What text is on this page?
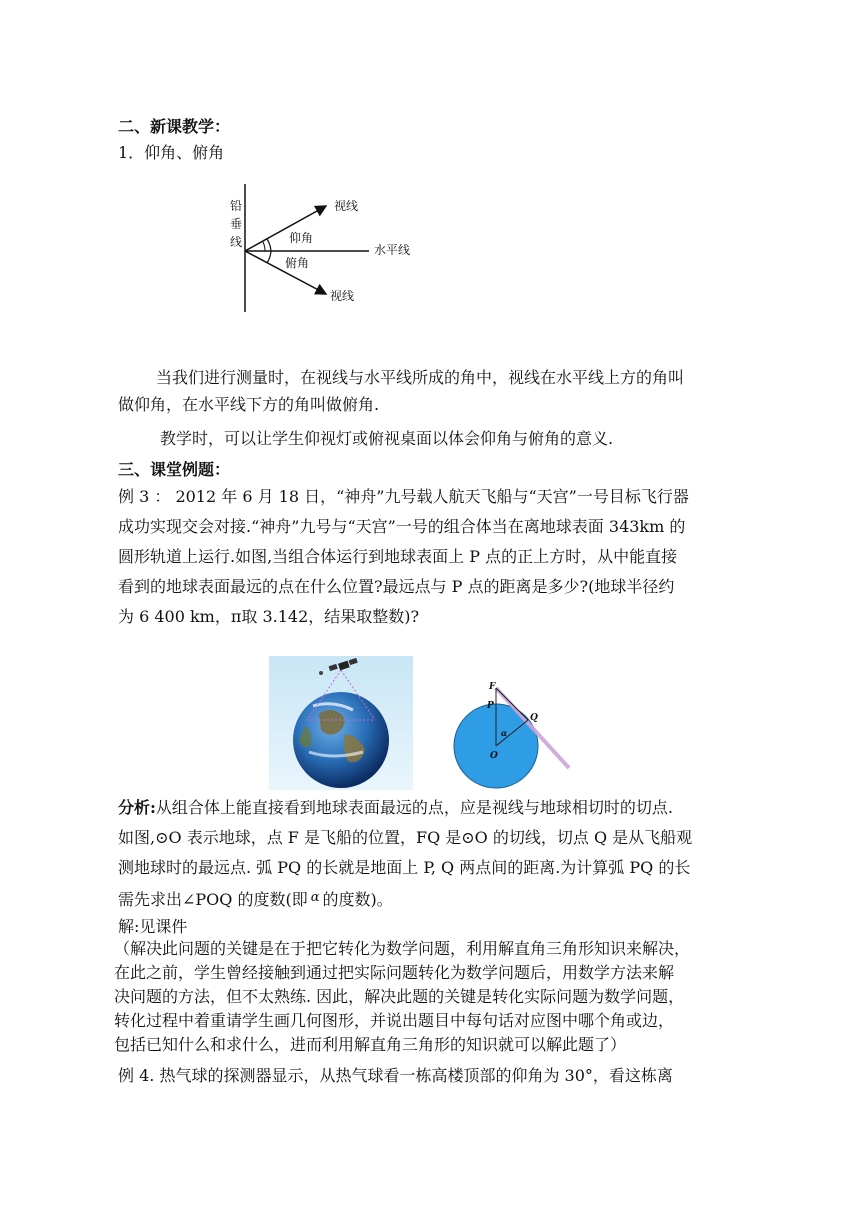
二、新课教学：
1．仰角、俯角
铅
垂
线
视线
仰角
水平线
俯角
视线
当我们进行测量时，在视线与水平线所成的角中，视线在水平线上方的角叫
做仰角，在水平线下方的角叫做俯角.
教学时，可以让学生仰视灯或俯视桌面以体会仰角与俯角的意义.
三、课堂例题：
例 3 ： 2012 年 6 月 18 日，“神舟”九号载人航天飞船与“天宫”一号目标飞行器
成功实现交会对接.“神舟”九号与“天宫”一号的组合体当在离地球表面 343km 的
圆形轨道上运行.如图,当组合体运行到地球表面上 P 点的正上方时，从中能直接
看到的地球表面最远的点在什么位置?最远点与 P 点的距离是多少?(地球半径约
为 6 400 km，π取 3.142，结果取整数)?
F
P
Q
O
α
分析:从组合体上能直接看到地球表面最远的点，应是视线与地球相切时的切点.
如图,⊙O 表示地球，点 F 是飞船的位置，FQ 是⊙O 的切线，切点 Q 是从飞船观
测地球时的最远点. 弧 PQ 的长就是地面上 P, Q 两点间的距离.为计算弧 PQ 的长
需先求出∠POQ 的度数(即 $^\alpha$ 的度数)。
解:见课件
（解决此问题的关键是在于把它转化为数学问题，利用解直角三角形知识来解决，
在此之前，学生曾经接触到通过把实际问题转化为数学问题后，用数学方法来解
决问题的方法，但不太熟练. 因此，解决此题的关键是转化实际问题为数学问题，
转化过程中着重请学生画几何图形，并说出题目中每句话对应图中哪个角或边，
包括已知什么和求什么，进而利用解直角三角形的知识就可以解此题了）
例 4. 热气球的探测器显示，从热气球看一栋高楼顶部的仰角为 30°，看这栋离
